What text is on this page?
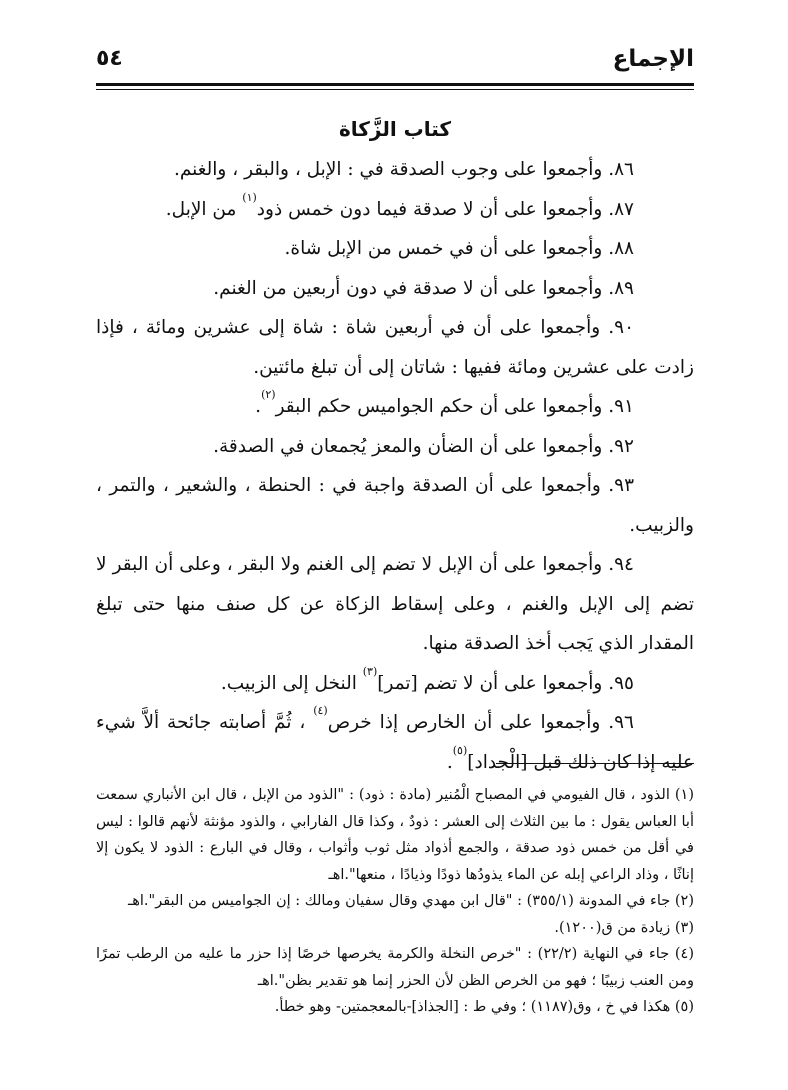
الإجماع
٥٤
كتاب الزَّكاة

٨٦. وأجمعوا على وجوب الصدقة في : الإبل ، والبقر ، والغنم.

٨٧. وأجمعوا على أن لا صدقة فيما دون خمس ذود$^{(١)}$ من الإبل.

٨٨. وأجمعوا على أن في خمس من الإبل شاة.

٨٩. وأجمعوا على أن لا صدقة في دون أربعين من الغنم.

٩٠. وأجمعوا على أن في أربعين شاة : شاة إلى عشرين ومائة ، فإذا زادت على عشرين ومائة ففيها : شاتان إلى أن تبلغ مائتين.

٩١. وأجمعوا على أن حكم الجواميس حكم البقر$^{(٢)}$.

٩٢. وأجمعوا على أن الضأن والمعز يُجمعان في الصدقة.

٩٣. وأجمعوا على أن الصدقة واجبة في : الحنطة ، والشعير ، والتمر ، والزبيب.

٩٤. وأجمعوا على أن الإبل لا تضم إلى الغنم ولا البقر ، وعلى أن البقر لا تضم إلى الإبل والغنم ، وعلى إسقاط الزكاة عن كل صنف منها حتى تبلغ المقدار الذي يَجب أخذ الصدقة منها.

٩٥. وأجمعوا على أن لا تضم [تمر]$^{(٣)}$ النخل إلى الزبيب.

٩٦. وأجمعوا على أن الخارص إذا خرص$^{(٤)}$ ، ثُمَّ أصابته جائحة ألاَّ شيء عليه إذا كان ذلك قبل [الْجداد]$^{(٥)}$.

(١) الذود ، قال الفيومي في المصباح الْمُنير (مادة : ذود) : "الذود من الإبل ، قال ابن الأنباري سمعت أبا العباس يقول : ما بين الثلاث إلى العشر : ذودٌ ، وكذا قال الفارابي ، والذود مؤنثة لأنهم قالوا : ليس في أقل من خمس ذود صدقة ، والجمع أذواد مثل ثوب وأثواب ، وقال في البارع : الذود لا يكون إلا إناثًا ، وذاد الراعي إبله عن الماء يذودُها ذودًا وذيادًا ، منعها".اهـ

(٢) جاء في المدونة (٣٥٥/١) : "قال ابن مهدي وقال سفيان ومالك : إن الجواميس من البقر".اهـ

(٣) زيادة من ق(١٢٠٠).

(٤) جاء في النهاية (٢٢/٢) : "خرص النخلة والكرمة يخرصها خرصًا إذا حزر ما عليه من الرطب تمرًا ومن العنب زبيبًا ؛ فهو من الخرص الظن لأن الحزر إنما هو تقدير بظن".اهـ

(٥) هكذا في خ ، وق(١١٨٧) ؛ وفي ط : [الجذاذ]-بالمعجمتين- وهو خطأ.
